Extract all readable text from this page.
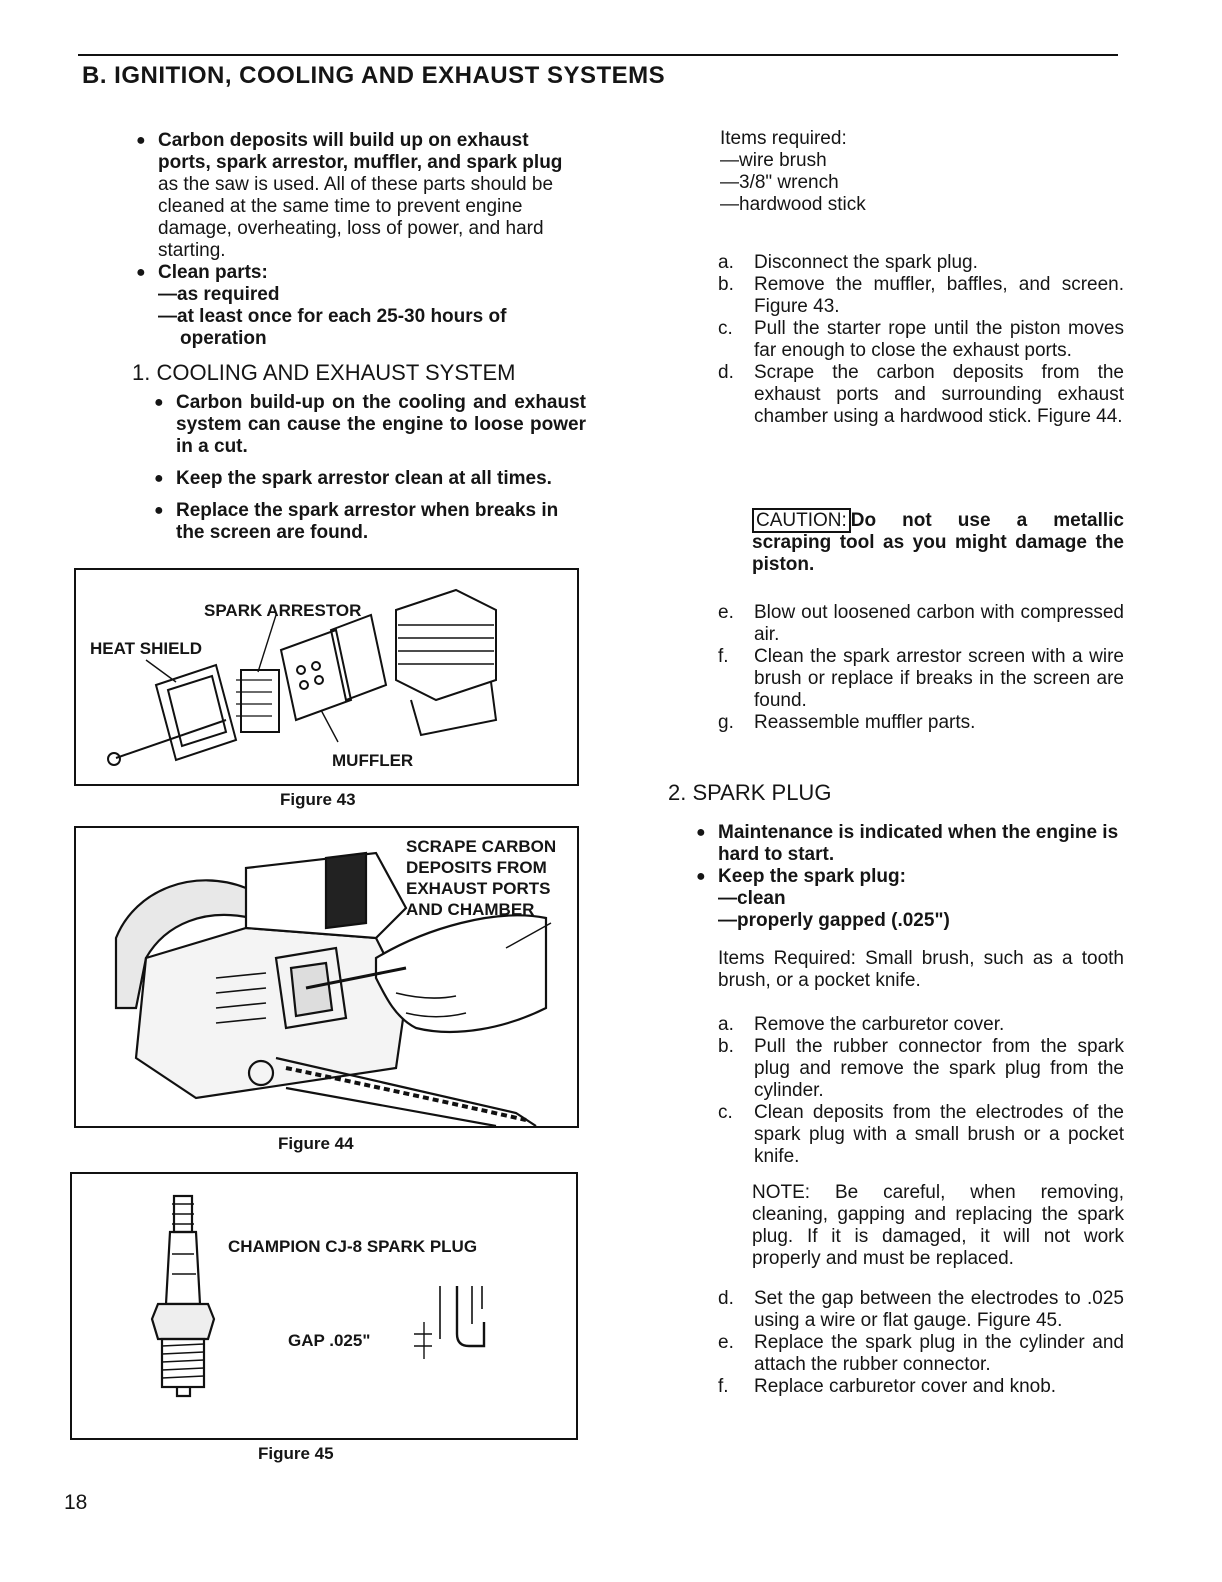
B. IGNITION, COOLING AND EXHAUST SYSTEMS
● Carbon deposits will build up on exhaust ports, spark arrestor, muffler, and spark plug as the saw is used. All of these parts should be cleaned at the same time to prevent engine damage, overheating, loss of power, and hard starting.
● Clean parts:
—as required
—at least once for each 25-30 hours of operation
1. COOLING AND EXHAUST SYSTEM
● Carbon build-up on the cooling and exhaust system can cause the engine to loose power in a cut.
● Keep the spark arrestor clean at all times.
● Replace the spark arrestor when breaks in the screen are found.
SPARK ARRESTOR
HEAT SHIELD
MUFFLER
Figure 43
SCRAPE CARBON
DEPOSITS FROM
EXHAUST PORTS
AND CHAMBER
Figure 44
CHAMPION CJ-8 SPARK PLUG
GAP .025"
Figure 45
Items required:
—wire brush
—3/8" wrench
—hardwood stick
a.	Disconnect the spark plug.
b.	Remove the muffler, baffles, and screen. Figure 43.
c.	Pull the starter rope until the piston moves far enough to close the exhaust ports.
d.	Scrape the carbon deposits from the exhaust ports and surrounding exhaust chamber using a hardwood stick. Figure 44.
CAUTION: Do not use a metallic scraping tool as you might damage the piston.
e.	Blow out loosened carbon with compressed air.
f.	Clean the spark arrestor screen with a wire brush or replace if breaks in the screen are found.
g.	Reassemble muffler parts.
2. SPARK PLUG
● Maintenance is indicated when the engine is hard to start.
● Keep the spark plug:
—clean
—properly gapped (.025")
Items Required: Small brush, such as a tooth brush, or a pocket knife.
a.	Remove the carburetor cover.
b.	Pull the rubber connector from the spark plug and remove the spark plug from the cylinder.
c.	Clean deposits from the electrodes of the spark plug with a small brush or a pocket knife.
NOTE: Be careful, when removing, cleaning, gapping and replacing the spark plug. If it is damaged, it will not work properly and must be replaced.
d.	Set the gap between the electrodes to .025 using a wire or flat gauge. Figure 45.
e.	Replace the spark plug in the cylinder and attach the rubber connector.
f.	Replace carburetor cover and knob.
18
